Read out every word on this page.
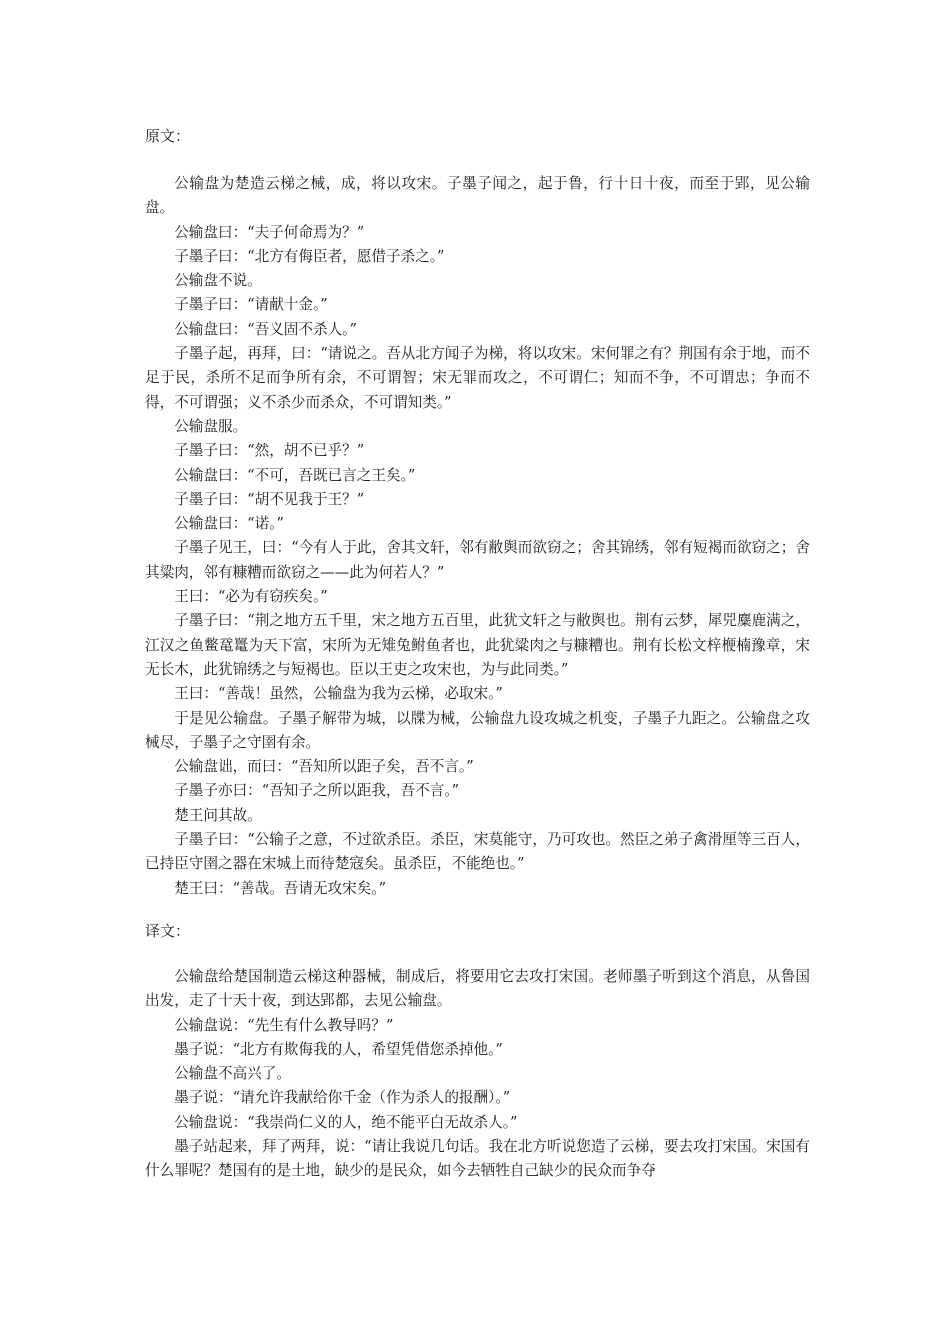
原文：

公输盘为楚造云梯之械，成，将以攻宋。子墨子闻之，起于鲁，行十日十夜，而至于郢，见公输盘。

公输盘曰：“夫子何命焉为？”

子墨子曰：“北方有侮臣者，愿借子杀之。”

公输盘不说。

子墨子曰：“请献十金。”

公输盘曰：“吾义固不杀人。”

子墨子起，再拜，曰：“请说之。吾从北方闻子为梯，将以攻宋。宋何罪之有？荆国有余于地，而不足于民，杀所不足而争所有余，不可谓智；宋无罪而攻之，不可谓仁；知而不争，不可谓忠；争而不得，不可谓强；义不杀少而杀众，不可谓知类。”

公输盘服。

子墨子曰：“然，胡不已乎？”

公输盘曰：“不可，吾既已言之王矣。”

子墨子曰：“胡不见我于王？”

公输盘曰：“诺。”

子墨子见王，曰：“今有人于此，舍其文轩，邻有敝舆而欲窃之；舍其锦绣，邻有短褐而欲窃之；舍其粱肉，邻有糠糟而欲窃之——此为何若人？”

王曰：“必为有窃疾矣。”

子墨子曰：“荆之地方五千里，宋之地方五百里，此犹文轩之与敝舆也。荆有云梦，犀兕麋鹿满之，江汉之鱼鳖鼋鼍为天下富，宋所为无雉兔鲋鱼者也，此犹粱肉之与糠糟也。荆有长松文梓楩楠豫章，宋无长木，此犹锦绣之与短褐也。臣以王吏之攻宋也，为与此同类。”

王曰：“善哉！虽然，公输盘为我为云梯，必取宋。”

于是见公输盘。子墨子解带为城，以牒为械，公输盘九设攻城之机变，子墨子九距之。公输盘之攻械尽，子墨子之守圉有余。

公输盘诎，而曰：“吾知所以距子矣，吾不言。”

子墨子亦曰：“吾知子之所以距我，吾不言。”

楚王问其故。

子墨子曰：“公输子之意，不过欲杀臣。杀臣，宋莫能守，乃可攻也。然臣之弟子禽滑厘等三百人，已持臣守圉之器在宋城上而待楚寇矣。虽杀臣，不能绝也。”

楚王曰：“善哉。吾请无攻宋矣。”

译文：

公输盘给楚国制造云梯这种器械，制成后，将要用它去攻打宋国。老师墨子听到这个消息，从鲁国出发，走了十天十夜，到达郢都，去见公输盘。

公输盘说：“先生有什么教导吗？”

墨子说：“北方有欺侮我的人，希望凭借您杀掉他。”

公输盘不高兴了。

墨子说：“请允许我献给你千金（作为杀人的报酬）。”

公输盘说：“我崇尚仁义的人，绝不能平白无故杀人。”

墨子站起来，拜了两拜，说：“请让我说几句话。我在北方听说您造了云梯，要去攻打宋国。宋国有什么罪呢？楚国有的是土地，缺少的是民众，如今去牺牲自己缺少的民众而争夺
